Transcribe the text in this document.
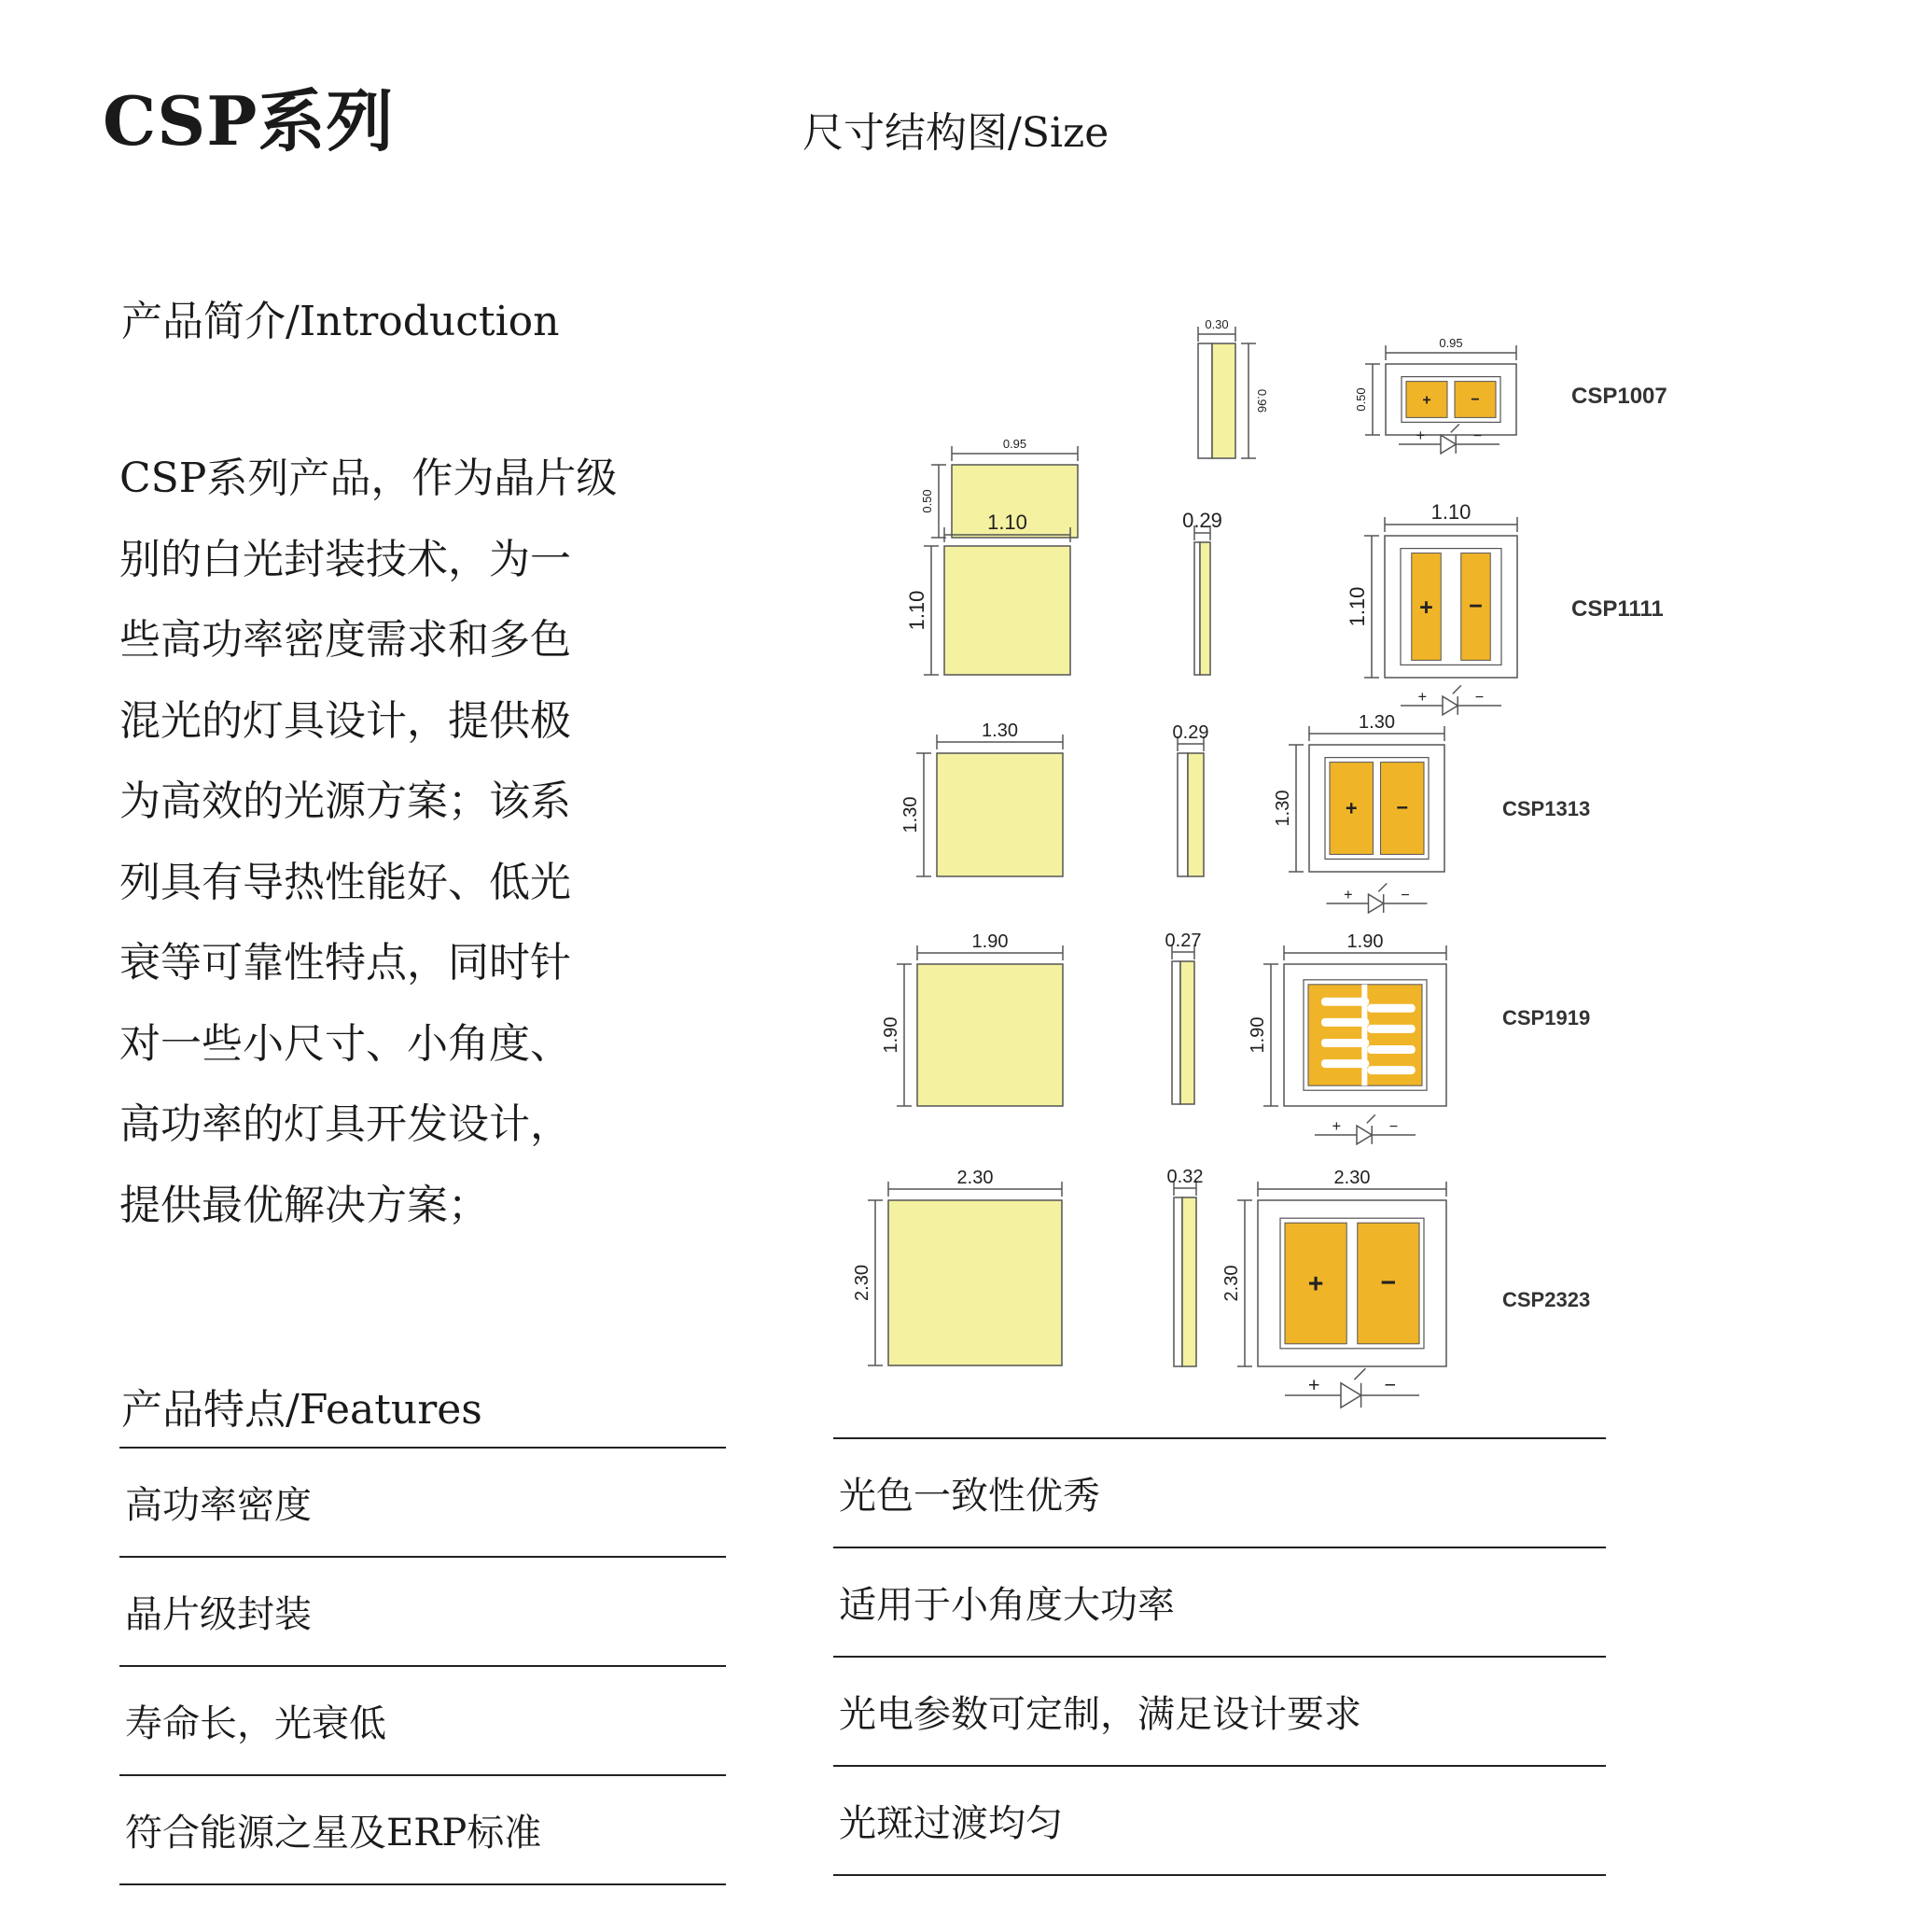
CSP系列	尺寸结构图/Size
产品简介/Introduction

CSP系列产品，作为晶片级

别的白光封装技术，为一

些高功率密度需求和多色

混光的灯具设计，提供极

为高效的光源方案；该系

列具有导热性能好、低光

衰等可靠性特点，同时针

对一些小尺寸、小角度、

高功率的灯具开发设计，

提供最优解决方案；

产品特点/Features
高功率密度
晶片级封装
寿命长，光衰低
符合能源之星及ERP标准
光色一致性优秀
适用于小角度大功率
光电参数可定制，满足设计要求
光斑过渡均匀
0.95
0.50
0.30
0.96
0.95
0.50	+	−
+	−
CSP1007
1.10
1.10
0.29	1.10
1.10 + −
+	−
CSP1111
1.30
1.30
0.29	1.30
1.30	+ −
+	−
CSP1313
1.90
1.90
0.27	1.90
1.90
+	−
CSP1919
2.30
2.30
0.32	2.30
2.30 + −
+	−
CSP2323
